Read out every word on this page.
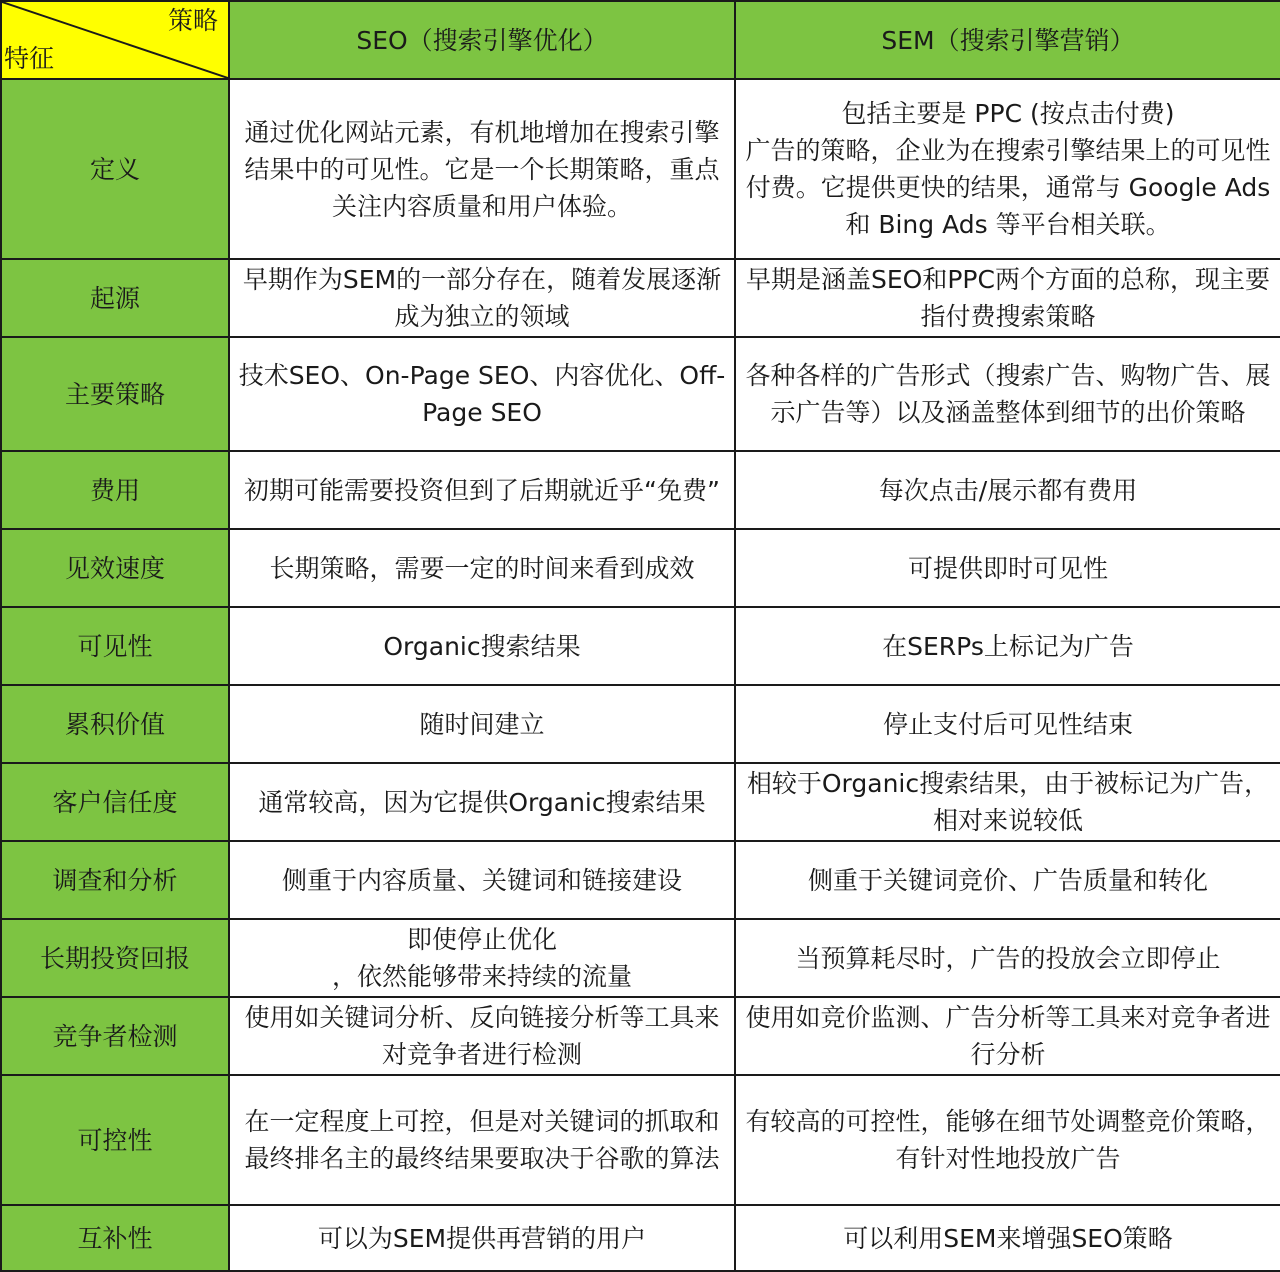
策略
特征	SEO（搜索引擎优化）	SEM（搜索引擎营销）
定义	通过优化网站元素，有机地增加在搜索引擎结果中的可见性。它是一个长期策略，重点关注内容质量和用户体验。	包括主要是 PPC (按点击付费)
广告的策略，企业为在搜索引擎结果上的可见性付费。它提供更快的结果，通常与 Google Ads 和 Bing Ads 等平台相关联。
起源	早期作为SEM的一部分存在，随着发展逐渐成为独立的领域	早期是涵盖SEO和PPC两个方面的总称，现主要指付费搜索策略
主要策略	技术SEO、On-Page SEO、内容优化、Off-Page SEO	各种各样的广告形式（搜索广告、购物广告、展示广告等）以及涵盖整体到细节的出价策略
费用	初期可能需要投资但到了后期就近乎“免费”	每次点击/展示都有费用
见效速度	长期策略，需要一定的时间来看到成效	可提供即时可见性
可见性	Organic搜索结果	在SERPs上标记为广告
累积价值	随时间建立	停止支付后可见性结束
客户信任度	通常较高，因为它提供Organic搜索结果	相较于Organic搜索结果，由于被标记为广告，相对来说较低
调查和分析	侧重于内容质量、关键词和链接建设	侧重于关键词竞价、广告质量和转化
长期投资回报	即使停止优化
，依然能够带来持续的流量	当预算耗尽时，广告的投放会立即停止
竞争者检测	使用如关键词分析、反向链接分析等工具来对竞争者进行检测	使用如竞价监测、广告分析等工具来对竞争者进行分析
可控性	在一定程度上可控，但是对关键词的抓取和最终排名主的最终结果要取决于谷歌的算法	有较高的可控性，能够在细节处调整竞价策略，有针对性地投放广告
互补性	可以为SEM提供再营销的用户	可以利用SEM来增强SEO策略
